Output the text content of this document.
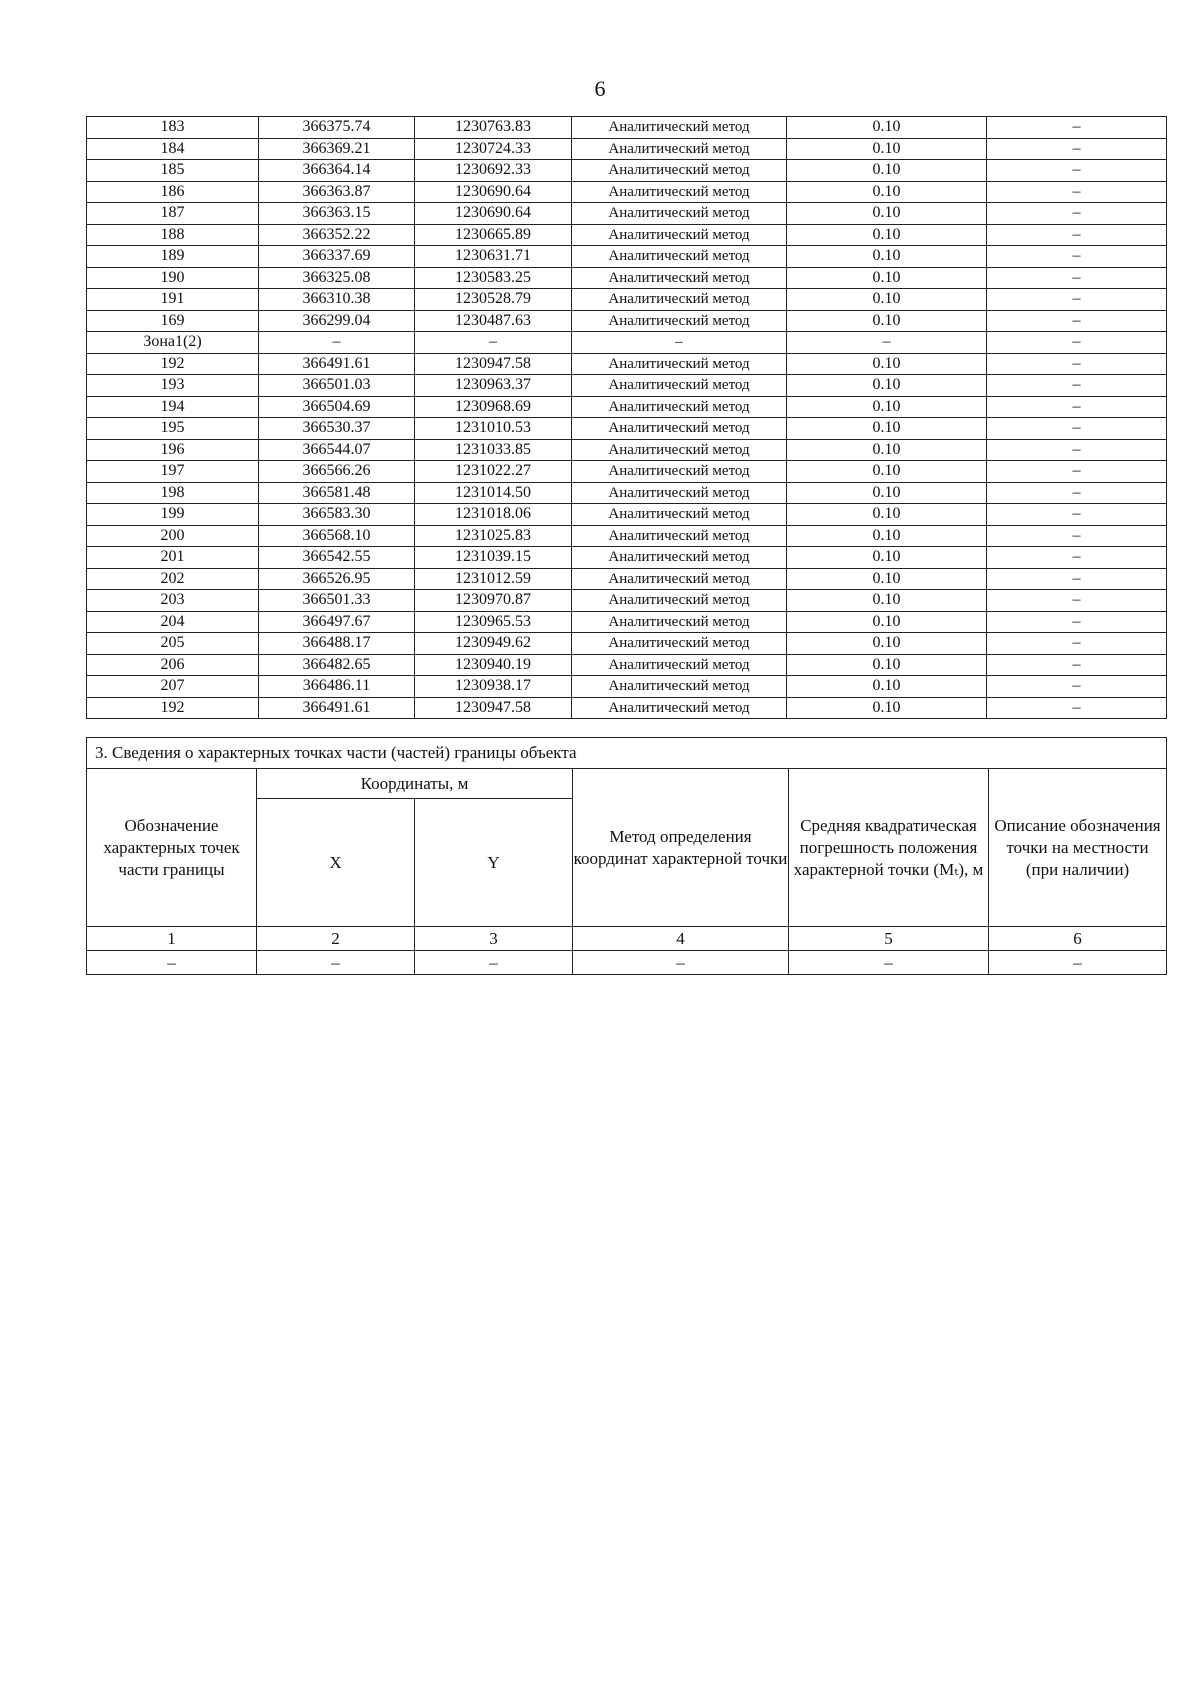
6
183	366375.74	1230763.83	Аналитический метод	0.10	–
184	366369.21	1230724.33	Аналитический метод	0.10	–
185	366364.14	1230692.33	Аналитический метод	0.10	–
186	366363.87	1230690.64	Аналитический метод	0.10	–
187	366363.15	1230690.64	Аналитический метод	0.10	–
188	366352.22	1230665.89	Аналитический метод	0.10	–
189	366337.69	1230631.71	Аналитический метод	0.10	–
190	366325.08	1230583.25	Аналитический метод	0.10	–
191	366310.38	1230528.79	Аналитический метод	0.10	–
169	366299.04	1230487.63	Аналитический метод	0.10	–
Зона1(2)	–	–	–	–	–
192	366491.61	1230947.58	Аналитический метод	0.10	–
193	366501.03	1230963.37	Аналитический метод	0.10	–
194	366504.69	1230968.69	Аналитический метод	0.10	–
195	366530.37	1231010.53	Аналитический метод	0.10	–
196	366544.07	1231033.85	Аналитический метод	0.10	–
197	366566.26	1231022.27	Аналитический метод	0.10	–
198	366581.48	1231014.50	Аналитический метод	0.10	–
199	366583.30	1231018.06	Аналитический метод	0.10	–
200	366568.10	1231025.83	Аналитический метод	0.10	–
201	366542.55	1231039.15	Аналитический метод	0.10	–
202	366526.95	1231012.59	Аналитический метод	0.10	–
203	366501.33	1230970.87	Аналитический метод	0.10	–
204	366497.67	1230965.53	Аналитический метод	0.10	–
205	366488.17	1230949.62	Аналитический метод	0.10	–
206	366482.65	1230940.19	Аналитический метод	0.10	–
207	366486.11	1230938.17	Аналитический метод	0.10	–
192	366491.61	1230947.58	Аналитический метод	0.10	–
3. Сведения о характерных точках части (частей) границы объекта					
Обозначение характерных точек части границы	Координаты, м		Метод определения координат характерной точки	Средняя квадратическая погрешность положения характерной точки (Mₜ), м	Описание обозначения точки на местности (при наличии)
	X	Y			
1	2	3	4	5	6
–	–	–	–	–	–
